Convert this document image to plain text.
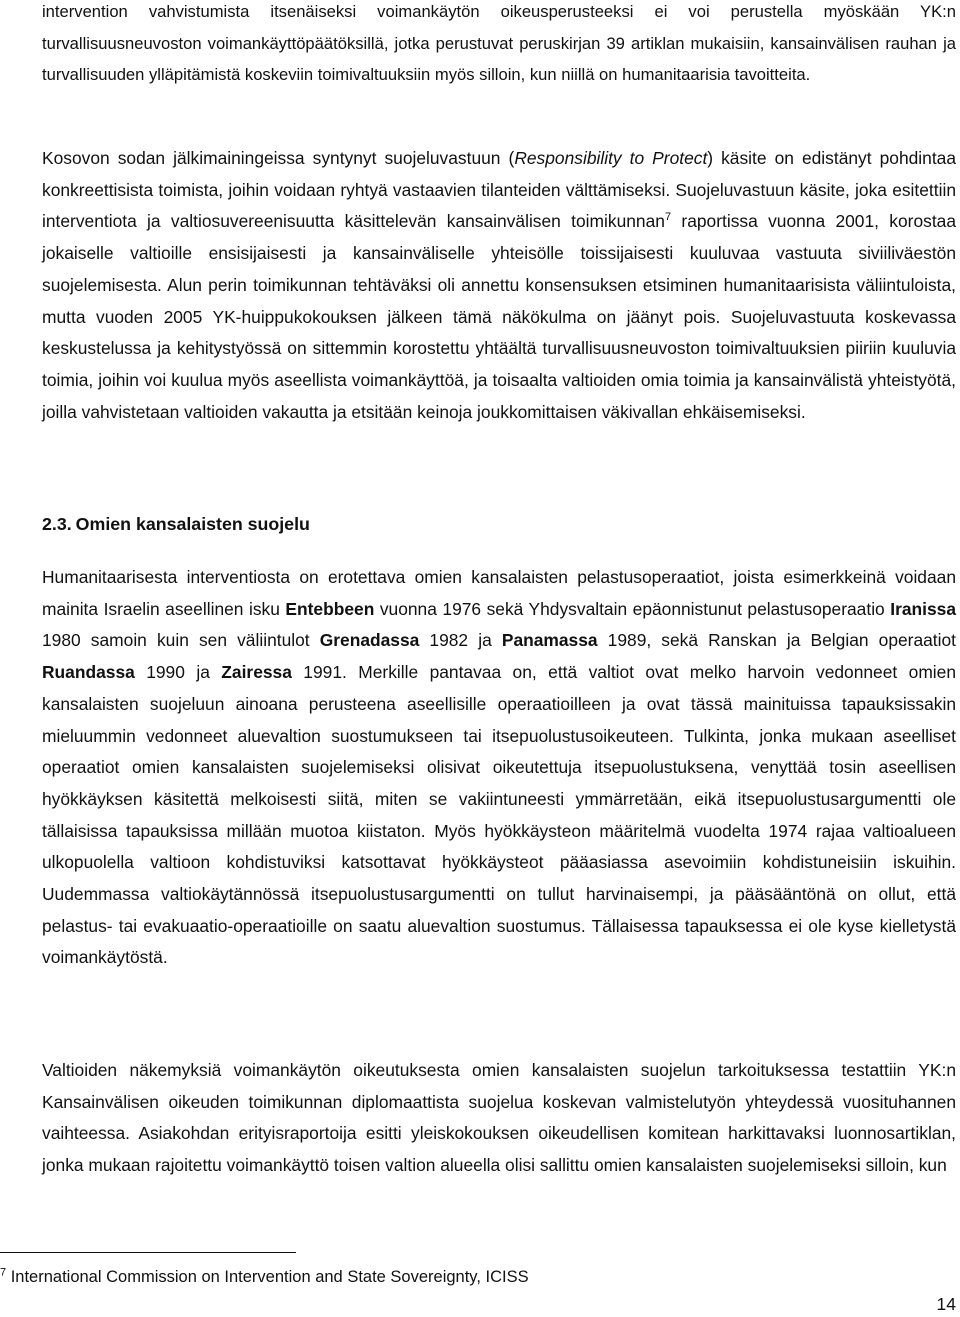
intervention vahvistumista itsenäiseksi voimankäytön oikeusperusteeksi ei voi perustella myöskään YK:n turvallisuusneuvoston voimankäyttöpäätöksillä, jotka perustuvat peruskirjan 39 artiklan mukaisiin, kansainvälisen rauhan ja turvallisuuden ylläpitämistä koskeviin toimivaltuuksiin myös silloin, kun niillä on humanitaarisia tavoitteita.

Kosovon sodan jälkimainingeissa syntynyt suojeluvastuun (Responsibility to Protect) käsite on edistänyt pohdintaa konkreettisista toimista, joihin voidaan ryhtyä vastaavien tilanteiden välttämiseksi. Suojeluvastuun käsite, joka esitettiin interventiota ja valtiosuvereenisuutta käsittelevän kansainvälisen toimikunnan$^7$ raportissa vuonna 2001, korostaa jokaiselle valtioille ensisijaisesti ja kansainväliselle yhteisölle toissijaisesti kuuluvaa vastuuta siviiliväestön suojelemisesta. Alun perin toimikunnan tehtäväksi oli annettu konsensuksen etsiminen humanitaarisista väliintuloista, mutta vuoden 2005 YK-huippukokouksen jälkeen tämä näkökulma on jäänyt pois. Suojeluvastuuta koskevassa keskustelussa ja kehitystyössä on sittemmin korostettu yhtäältä turvallisuusneuvoston toimivaltuuksien piiriin kuuluvia toimia, joihin voi kuulua myös aseellista voimankäyttöä, ja toisaalta valtioiden omia toimia ja kansainvälistä yhteistyötä, joilla vahvistetaan valtioiden vakautta ja etsitään keinoja joukkomittaisen väkivallan ehkäisemiseksi.

2.3. Omien kansalaisten suojelu

Humanitaarisesta interventiosta on erotettava omien kansalaisten pelastusoperaatiot, joista esimerkkeinä voidaan mainita Israelin aseellinen isku Entebbeen vuonna 1976 sekä Yhdysvaltain epäonnistunut pelastusoperaatio Iranissa 1980 samoin kuin sen väliintulot Grenadassa 1982 ja Panamassa 1989, sekä Ranskan ja Belgian operaatiot Ruandassa 1990 ja Zairessa 1991. Merkille pantavaa on, että valtiot ovat melko harvoin vedonneet omien kansalaisten suojeluun ainoana perusteena aseellisille operaatioilleen ja ovat tässä mainituissa tapauksissakin mieluummin vedonneet aluevaltion suostumukseen tai itsepuolustusoikeuteen. Tulkinta, jonka mukaan aseelliset operaatiot omien kansalaisten suojelemiseksi olisivat oikeutettuja itsepuolustuksena, venyttää tosin aseellisen hyökkäyksen käsitettä melkoisesti siitä, miten se vakiintuneesti ymmärretään, eikä itsepuolustusargumentti ole tällaisissa tapauksissa millään muotoa kiistaton. Myös hyökkäysteon määritelmä vuodelta 1974 rajaa valtioalueen ulkopuolella valtioon kohdistuviksi katsottavat hyökkäysteot pääasiassa asevoimiin kohdistuneisiin iskuihin. Uudemmassa valtiokäytännössä itsepuolustusargumentti on tullut harvinaisempi, ja pääsääntönä on ollut, että pelastus- tai evakuaatio-operaatioille on saatu aluevaltion suostumus. Tällaisessa tapauksessa ei ole kyse kielletystä voimankäytöstä.

Valtioiden näkemyksiä voimankäytön oikeutuksesta omien kansalaisten suojelun tarkoituksessa testattiin YK:n Kansainvälisen oikeuden toimikunnan diplomaattista suojelua koskevan valmistelutyön yhteydessä vuosituhannen vaihteessa. Asiakohdan erityisraportoija esitti yleiskokouksen oikeudellisen komitean harkittavaksi luonnosartiklan, jonka mukaan rajoitettu voimankäyttö toisen valtion alueella olisi sallittu omien kansalaisten suojelemiseksi silloin, kun

$^7$ International Commission on Intervention and State Sovereignty, ICISS

14
